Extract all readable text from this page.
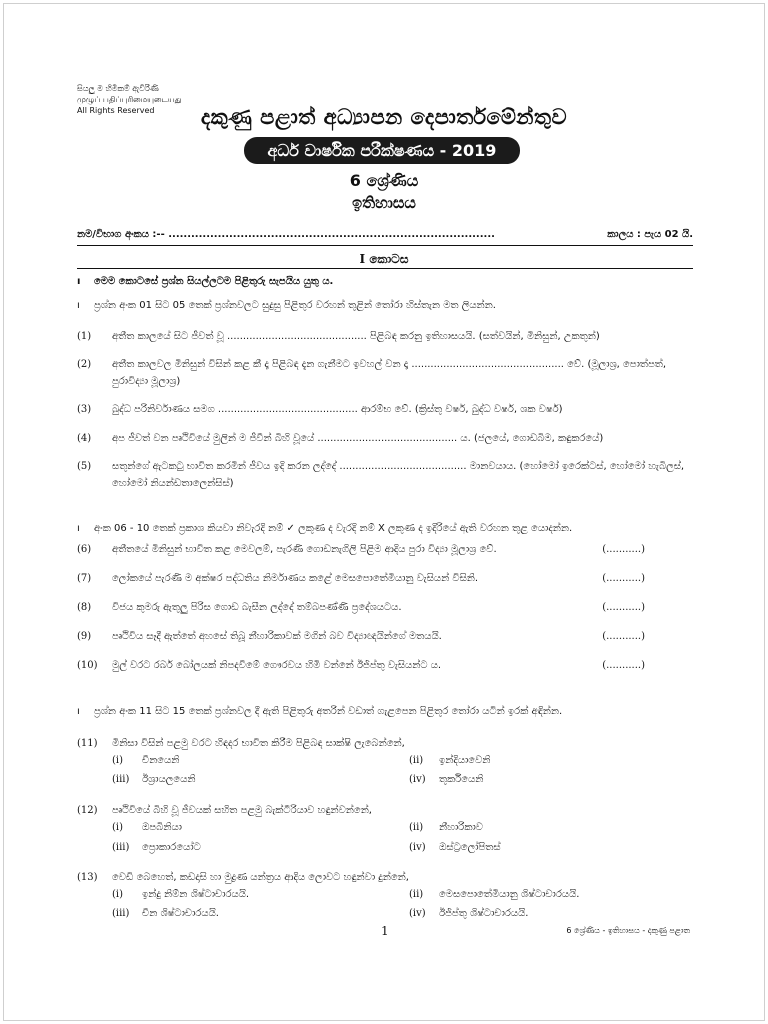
සියලු ම හිමිකම් ඇවිරිණි
முழுப் பதிப்புரிமையுடையது
All Rights Reserved	දකුණු පළාත් අධ්‍යාපන දෙපාර්තමේන්තුව
අර්ධ වාර්ෂික පරීක්ෂණය - 2019
6 ශ්‍රේණිය
ඉතිහාසය
නම/විභාග අංකය :-- ......................................................................................	කාලය : පැය 02 යි.
I කොටස
ı මෙම කොටසේ ප්‍රශ්න සියල්ලටම පිළිතුරු සැපයිය යුතු ය.
ı ප්‍රශ්න අංක 01 සිට 05 තෙක් ප්‍රශ්නවලට සුදුසු පිළිතුර වරහන් තුළින් තෝරා හිස්තැන මත ලියන්න.
(1)	අතීත කාලයේ සිට ජීවත් වූ ............................................ පිළිබඳ කරනු ඉතිහාසයයි. (සත්වයින්, මිනිසුන්, උකතුන්)
(2)	අතීත කාලවල මිනිසුන් විසින් කළ කී දෑ පිළිබඳ දැන ගැනීමට ඉවහල් වන දෑ ................................................ වේ. (මූලාශ්‍ර, පොත්පත්, පුරාවිද්‍යා මූලාශ්‍ර)
(3)	බුද්ධ පරිනිර්වාණය සමග ............................................ ආරම්භ වේ. (ක්‍රිස්තු වර්ෂ, බුද්ධ වර්ෂ, ශක වර්ෂ)
(4)	අප ජීවත් වන පෘථිවියේ මුලින් ම ජීවීන් බිහි වූයේ ............................................ ය. (ජලයේ, ගොඩබිම, කඳුකරයේ)
(5)	සතුන්ගේ ඇටකටු භාවිත කරමින් ජීවය ඉදි කරන ලද්දේ ........................................ මානවයාය. (හෝමෝ ඉරෙක්ටස්, හෝමෝ හැබිලස්, හෝමෝ නියන්ඩතාලෙන්සිස්)
ı අංක 06 - 10 තෙක් ප්‍රකාශ කියවා නිවැරදි නම් ✓ ලකුණ ද වැරදි නම් X ලකුණ ද ඉදිරියේ ඇති වරහන තුළ යොදන්න.
(6)	අතීතයේ මිනිසුන් භාවිත කළ මෙවලම්, පැරණි ගොඩනැගිලි පිළිම ආදිය පුරා විද්‍යා මූලාශ්‍ර වේ.	(...........)
(7)	ලෝකයේ පැරණි ම අක්ෂර පද්ධතිය නිර්මාණය කළේ මෙසපොතේමියානු වැසියන් විසිනි.	(...........)
(8)	විජය කුමරු ඇතුලු පිරිස ගොඩ බැසීන ලද්දේ තම්බපණ්ණි ප්‍රදේශයටය.	(...........)
(9)	පෘථිවිය සෑදී ඇත්තේ අහසේ තිබූ නීහාරිකාවක් මගින් බව විද්‍යාඥයින්ගේ මතයයි.	(...........)
(10)	මුල් වරට රබර් බෝලයක් නිපදවීමේ ගෞරවය හිමි වන්නේ ඊජිප්තු වැසියන්ට ය.	(...........)
ı ප්‍රශ්න අංක 11 සිට 15 තෙක් ප්‍රශ්නවල දී ඇති පිළිතුරු අතරින් වඩාත් ගැළපෙන පිළිතුර තෝරා යටින් ඉරක් අඳින්න.
(11)	මිනිසා විසින් පළමු වරට හිඳදර භාවිත කිරීම පිළිබඳ සාක්ෂි ලැබෙන්නේ,
(i) චීනයෙනි	(ii) ඉන්දියාවෙනි
(iii) ඊශ්‍රායලයෙනි	(iv) තුර්කියෙනි
(12)	පෘථිවියේ බිහි වූ ජීවයක් සහිත පළමු බැක්ටීරියාව හඳුන්වන්නේ,
(i) ඔපබිනියා	(ii) නීහාරිකාව
(iii) ප්‍රොකාරයෝට	(iv) ඔස්ට්‍රලෝපිතස්
(13)	වෙඩි බෙහෙත්, කඩදාසි හා මුද්‍රණ යන්ත්‍රය ආදිය ලොවට හඳුන්වා දුන්නේ,
(i) ඉන්දු නිම්න ශිෂ්ටාචාරයයි.	(ii) මෙසපොතේමියානු ශිෂ්ටාචාරයයි.
(iii) චීන ශිෂ්ටාචාරයයි.	(iv) ඊජිප්තු ශිෂ්ටාචාරයයි.
1	6 ශ්‍රේණිය - ඉතිහාසය - දකුණු පළාත
